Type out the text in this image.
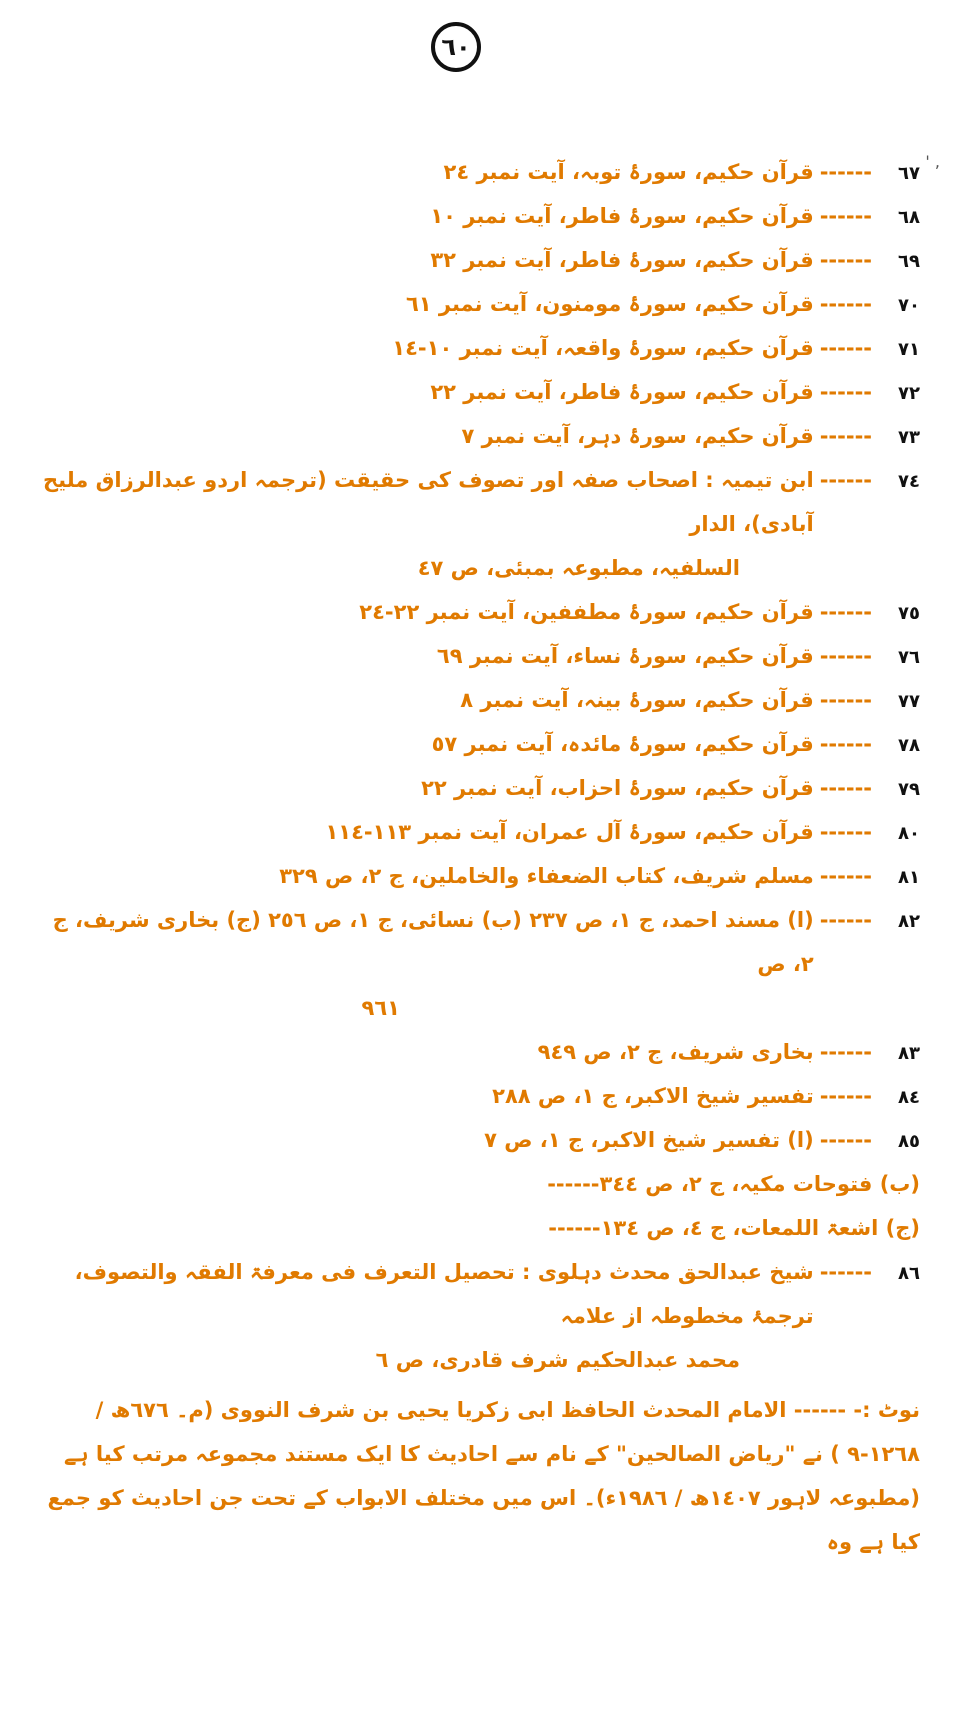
٦٠
' ,
٦٧
------
قرآن حکیم، سورۂ توبہ، آیت نمبر ٢٤
٦٨
------
قرآن حکیم، سورۂ فاطر، آیت نمبر ١٠
٦٩
------
قرآن حکیم، سورۂ فاطر، آیت نمبر ٣٢
٧٠
------
قرآن حکیم، سورۂ مومنون، آیت نمبر ٦١
٧١
------
قرآن حکیم، سورۂ واقعہ، آیت نمبر ١٠-١٤
٧٢
------
قرآن حکیم، سورۂ فاطر، آیت نمبر ٢٢
٧٣
------
قرآن حکیم، سورۂ دہر، آیت نمبر ٧
٧٤
------
ابن تیمیہ : اصحاب صفہ اور تصوف کی حقیقت (ترجمہ اردو عبدالرزاق ملیح آبادی)، الدار
السلفیہ، مطبوعہ بمبئی، ص ٤٧
٧٥
------
قرآن حکیم، سورۂ مطففین، آیت نمبر ٢٢-٢٤
٧٦
------
قرآن حکیم، سورۂ نساء، آیت نمبر ٦٩
٧٧
------
قرآن حکیم، سورۂ بینہ، آیت نمبر ٨
٧٨
------
قرآن حکیم، سورۂ مائدہ، آیت نمبر ٥٧
٧٩
------
قرآن حکیم، سورۂ احزاب، آیت نمبر ٢٢
٨٠
------
قرآن حکیم، سورۂ آل عمران، آیت نمبر ١١٣-١١٤
٨١
------
مسلم شریف، کتاب الضعفاء والخاملین، ج ٢، ص ٣٢٩
٨٢
------
(ا) مسند احمد، ج ١، ص ٢٣٧ (ب) نسائی، ج ١، ص ٢٥٦ (ج) بخاری شریف، ج ٢، ص
٩٦١
٨٣
------
بخاری شریف، ج ٢، ص ٩٤٩
٨٤
------
تفسیر شیخ الاکبر، ج ١، ص ٢٨٨
٨٥
------
(ا) تفسیر شیخ الاکبر، ج ١، ص ٧
(ب) فتوحات مکیہ، ج ٢، ص ٣٤٤------
(ج) اشعۃ اللمعات، ج ٤، ص ١٣٤------
٨٦
------
شیخ عبدالحق محدث دہلوی : تحصیل التعرف فی معرفۃ الفقہ والتصوف، ترجمۂ مخطوطہ از علامہ
محمد عبدالحکیم شرف قادری، ص ٦
نوٹ :- ------ الامام المحدث الحافظ ابی زکریا یحیی بن شرف النووی (م۔ ٦٧٦ھ / ١٢٦٨-٩ ) نے "ریاض الصالحین" کے نام سے احادیث کا ایک مستند مجموعہ مرتب کیا ہے (مطبوعہ لاہور ١٤٠٧ھ / ١٩٨٦ء)۔ اس میں مختلف الابواب کے تحت جن احادیث کو جمع کیا ہے وہ
